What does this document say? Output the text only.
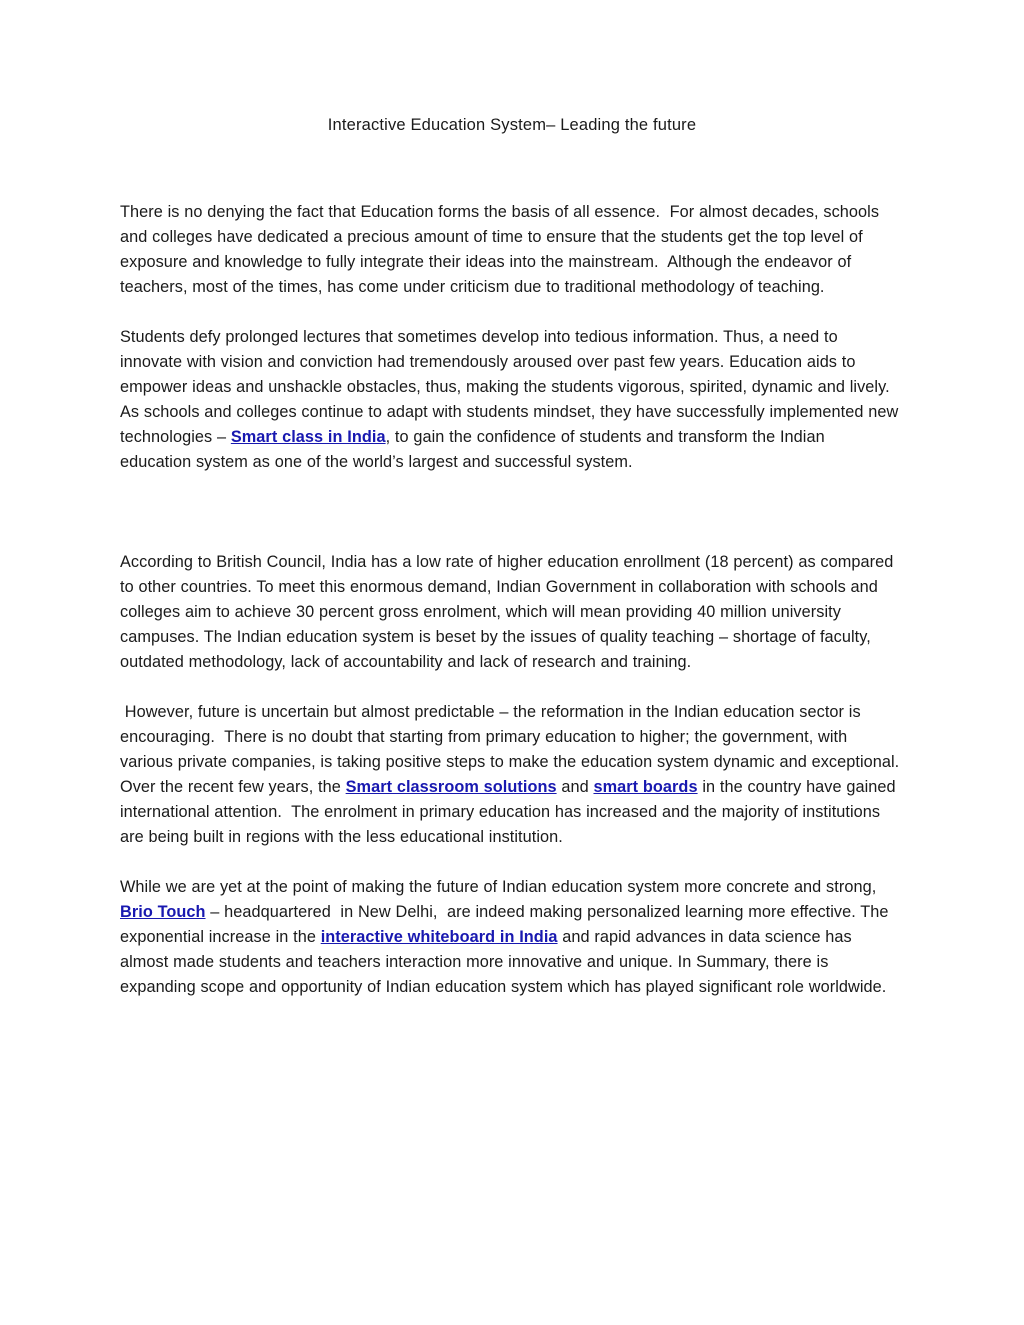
Interactive Education System– Leading the future

There is no denying the fact that Education forms the basis of all essence.  For almost decades, schools and colleges have dedicated a precious amount of time to ensure that the students get the top level of exposure and knowledge to fully integrate their ideas into the mainstream.  Although the endeavor of teachers, most of the times, has come under criticism due to traditional methodology of teaching.

Students defy prolonged lectures that sometimes develop into tedious information. Thus, a need to innovate with vision and conviction had tremendously aroused over past few years. Education aids to empower ideas and unshackle obstacles, thus, making the students vigorous, spirited, dynamic and lively.  As schools and colleges continue to adapt with students mindset, they have successfully implemented new technologies – Smart class in India, to gain the confidence of students and transform the Indian education system as one of the world’s largest and successful system.

According to British Council, India has a low rate of higher education enrollment (18 percent) as compared to other countries. To meet this enormous demand, Indian Government in collaboration with schools and colleges aim to achieve 30 percent gross enrolment, which will mean providing 40 million university campuses. The Indian education system is beset by the issues of quality teaching – shortage of faculty, outdated methodology, lack of accountability and lack of research and training.

However, future is uncertain but almost predictable – the reformation in the Indian education sector is encouraging.  There is no doubt that starting from primary education to higher; the government, with various private companies, is taking positive steps to make the education system dynamic and exceptional. Over the recent few years, the Smart classroom solutions and smart boards in the country have gained international attention.  The enrolment in primary education has increased and the majority of institutions are being built in regions with the less educational institution.

While we are yet at the point of making the future of Indian education system more concrete and strong, Brio Touch – headquartered  in New Delhi,  are indeed making personalized learning more effective. The exponential increase in the interactive whiteboard in India and rapid advances in data science has almost made students and teachers interaction more innovative and unique. In Summary, there is expanding scope and opportunity of Indian education system which has played significant role worldwide.
